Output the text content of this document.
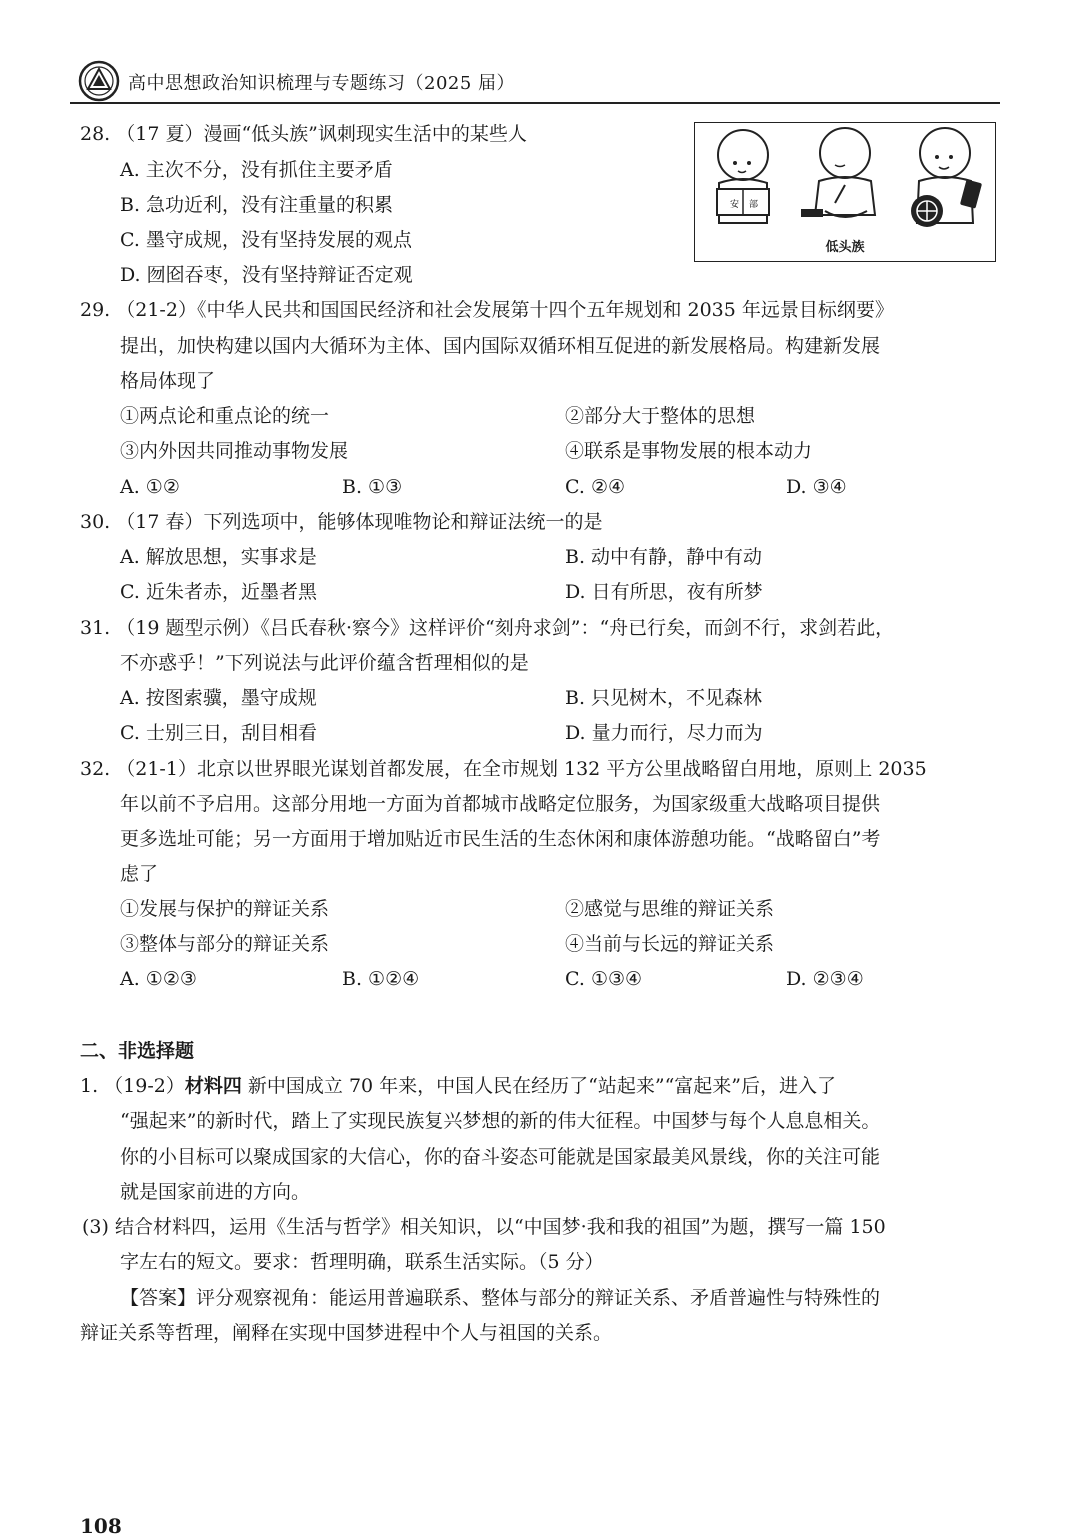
高中思想政治知识梳理与专题练习（2025 届）
28. （17 夏）漫画“低头族”讽刺现实生活中的某些人
A. 主次不分，没有抓住主要矛盾
B. 急功近利，没有注重量的积累
C. 墨守成规，没有坚持发展的观点
D. 囫囵吞枣，没有坚持辩证否定观
安 部
低头族
29. （21-2）《中华人民共和国国民经济和社会发展第十四个五年规划和 2035 年远景目标纲要》
提出，加快构建以国内大循环为主体、国内国际双循环相互促进的新发展格局。构建新发展
格局体现了
①两点论和重点论的统一	②部分大于整体的思想
③内外因共同推动事物发展	④联系是事物发展的根本动力
A. ①②	B. ①③	C. ②④	D. ③④
30. （17 春）下列选项中，能够体现唯物论和辩证法统一的是
A. 解放思想，实事求是	B. 动中有静，静中有动
C. 近朱者赤，近墨者黑	D. 日有所思，夜有所梦
31. （19 题型示例）《吕氏春秋·察今》这样评价“刻舟求剑”：“舟已行矣，而剑不行，求剑若此，
不亦惑乎！”下列说法与此评价蕴含哲理相似的是
A. 按图索骥，墨守成规	B. 只见树木，不见森林
C. 士别三日，刮目相看	D. 量力而行，尽力而为
32. （21-1）北京以世界眼光谋划首都发展，在全市规划 132 平方公里战略留白用地，原则上 2035
年以前不予启用。这部分用地一方面为首都城市战略定位服务，为国家级重大战略项目提供
更多选址可能；另一方面用于增加贴近市民生活的生态休闲和康体游憩功能。“战略留白”考
虑了
①发展与保护的辩证关系	②感觉与思维的辩证关系
③整体与部分的辩证关系	④当前与长远的辩证关系
A. ①②③	B. ①②④	C. ①③④	D. ②③④
二、非选择题
1. （19-2）材料四 新中国成立 70 年来，中国人民在经历了“站起来”“富起来”后，进入了
“强起来”的新时代，踏上了实现民族复兴梦想的新的伟大征程。中国梦与每个人息息相关。
你的小目标可以聚成国家的大信心，你的奋斗姿态可能就是国家最美风景线，你的关注可能
就是国家前进的方向。
(3) 结合材料四，运用《生活与哲学》相关知识，以“中国梦·我和我的祖国”为题，撰写一篇 150
字左右的短文。要求：哲理明确，联系生活实际。（5 分）
【答案】评分观察视角：能运用普遍联系、整体与部分的辩证关系、矛盾普遍性与特殊性的
辩证关系等哲理，阐释在实现中国梦进程中个人与祖国的关系。
108
